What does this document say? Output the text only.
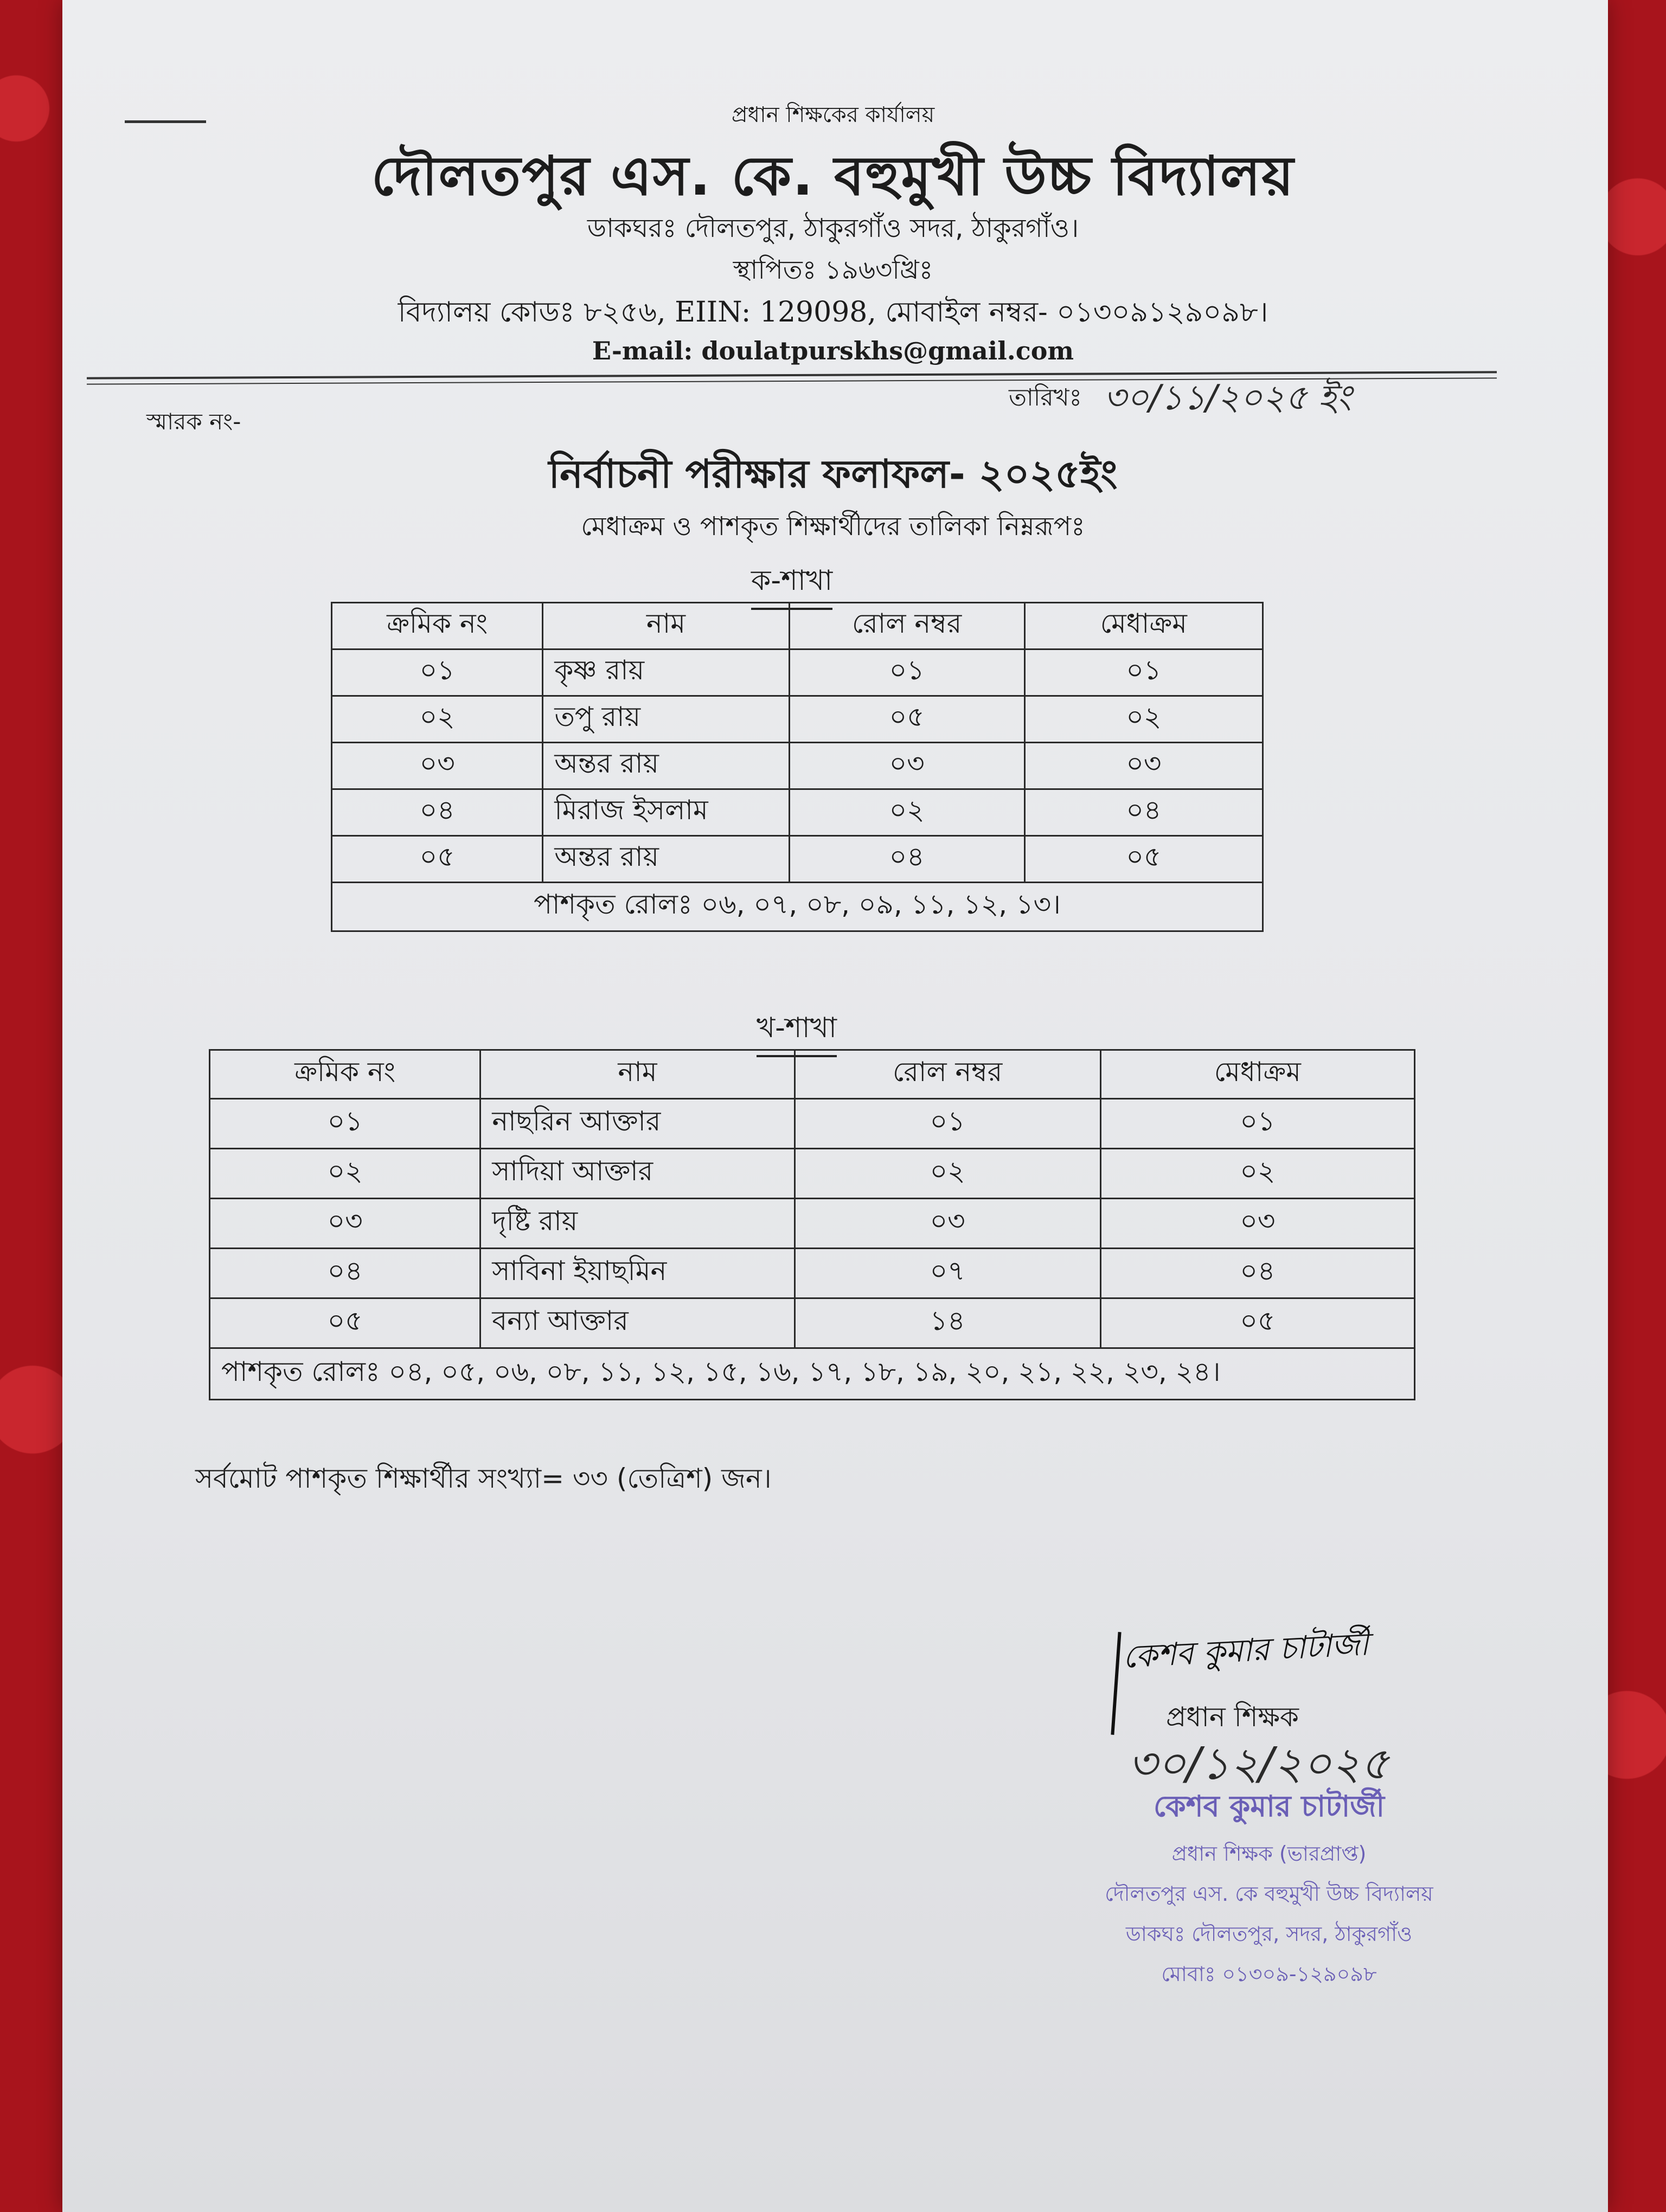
প্রধান শিক্ষকের কার্যালয়
দৌলতপুর এস. কে. বহুমুখী উচ্চ বিদ্যালয়
ডাকঘরঃ দৌলতপুর, ঠাকুরগাঁও সদর, ঠাকুরগাঁও।
স্থাপিতঃ ১৯৬৩খ্রিঃ
বিদ্যালয় কোডঃ ৮২৫৬, EIIN: 129098, মোবাইল নম্বর- ০১৩০৯১২৯০৯৮।
E-mail: doulatpurskhs@gmail.com
স্মারক নং-
তারিখঃ ৩০/১১/২০২৫ ইং
নির্বাচনী পরীক্ষার ফলাফল- ২০২৫ইং
মেধাক্রম ও পাশকৃত শিক্ষার্থীদের তালিকা নিম্নরূপঃ
ক-শাখা
ক্রমিক নং	নাম	রোল নম্বর	মেধাক্রম
০১	কৃষ্ণ রায়	০১	০১
০২	তপু রায়	০৫	০২
০৩	অন্তর রায়	০৩	০৩
০৪	মিরাজ ইসলাম	০২	০৪
০৫	অন্তর রায়	০৪	০৫
পাশকৃত রোলঃ ০৬, ০৭, ০৮, ০৯, ১১, ১২, ১৩।			
খ-শাখা
ক্রমিক নং	নাম	রোল নম্বর	মেধাক্রম
০১	নাছরিন আক্তার	০১	০১
০২	সাদিয়া আক্তার	০২	০২
০৩	দৃষ্টি রায়	০৩	০৩
০৪	সাবিনা ইয়াছমিন	০৭	০৪
০৫	বন্যা আক্তার	১৪	০৫
পাশকৃত রোলঃ ০৪, ০৫, ০৬, ০৮, ১১, ১২, ১৫, ১৬, ১৭, ১৮, ১৯, ২০, ২১, ২২, ২৩, ২৪।			
সর্বমোট পাশকৃত শিক্ষার্থীর সংখ্যা= ৩৩ (তেত্রিশ) জন।
কেশব কুমার চাটার্জী
প্রধান শিক্ষক
৩০/১২/২০২৫
কেশব কুমার চাটার্জী
প্রধান শিক্ষক (ভারপ্রাপ্ত)
দৌলতপুর এস. কে বহুমুখী উচ্চ বিদ্যালয়
ডাকঘঃ দৌলতপুর, সদর, ঠাকুরগাঁও
মোবাঃ ০১৩০৯-১২৯০৯৮
